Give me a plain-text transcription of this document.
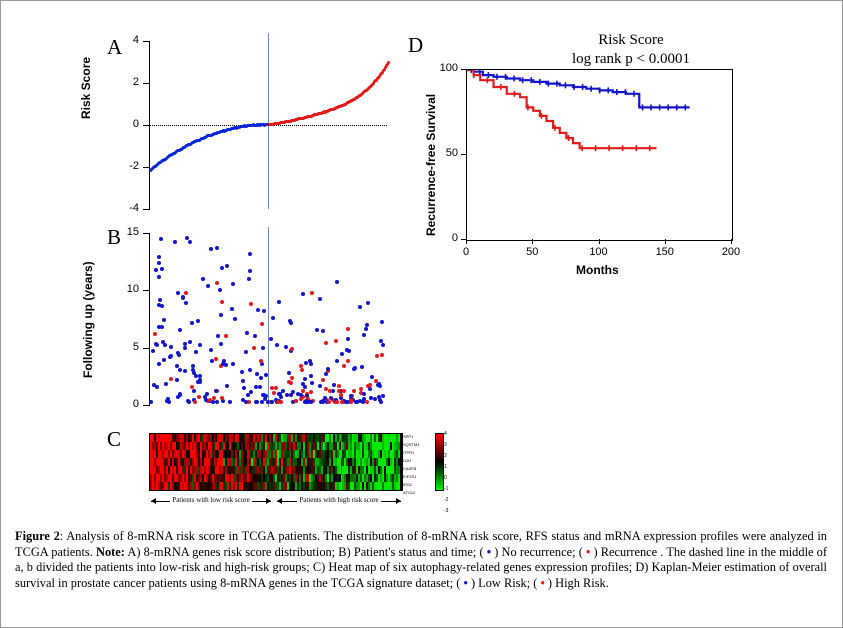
A
Risk Score
-4
-2
0
2
4
B
Following up (years)
0
5
10
15
C	SPP1
SQSTM1
ITPR1
LDH
CASP8
EIF2S1
IRS2
ATG12
4
3
2
1
0
-1
-2
-3
Patients with low risk score	Patients with high risk score
D	Risk Score
log rank p < 0.0001
Recurrence-free Survival
Months
0	50	100	150	200
0
50
100
Figure 2: Analysis of 8-mRNA risk score in TCGA patients. The distribution of 8-mRNA risk score, RFS status and mRNA expression profiles were analyzed in TCGA patients. Note: A) 8-mRNA genes risk score distribution; B) Patient's status and time; ( • ) No recurrence; ( • ) Recurrence . The dashed line in the middle of a, b divided the patients into low-risk and high-risk groups; C) Heat map of six autophagy-related genes expression profiles; D) Kaplan-Meier estimation of overall survival in prostate cancer patients using 8-mRNA genes in the TCGA signature dataset; ( • ) Low Risk; ( • ) High Risk.
